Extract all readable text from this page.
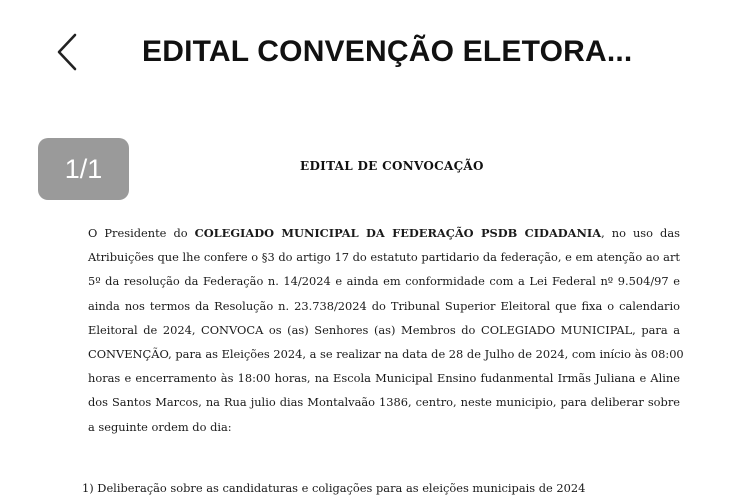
EDITAL CONVENÇÃO ELETORA...
1/1	EDITAL DE CONVOCAÇÃO
O Presidente do COLEGIADO MUNICIPAL DA FEDERAÇÃO PSDB CIDADANIA, no uso das
Atribuições que lhe confere o §3 do artigo 17 do estatuto partidario da federação, e em atenção ao art
5º da resolução da Federação n. 14/2024 e ainda em conformidade com a Lei Federal nº 9.504/97 e
ainda nos termos da Resolução n. 23.738/2024 do Tribunal Superior Eleitoral que fixa o calendario
Eleitoral de 2024, CONVOCA os (as) Senhores (as) Membros do COLEGIADO MUNICIPAL, para a
CONVENÇÃO, para as Eleições 2024, a se realizar na data de 28 de Julho de 2024, com início às 08:00
horas e encerramento às 18:00 horas, na Escola Municipal Ensino fudanmental Irmãs Juliana e Aline
dos Santos Marcos, na Rua julio dias Montalvaão 1386, centro, neste municipio, para deliberar sobre
a seguinte ordem do dia:
1) Deliberação sobre as candidaturas e coligações para as eleições municipais de 2024
